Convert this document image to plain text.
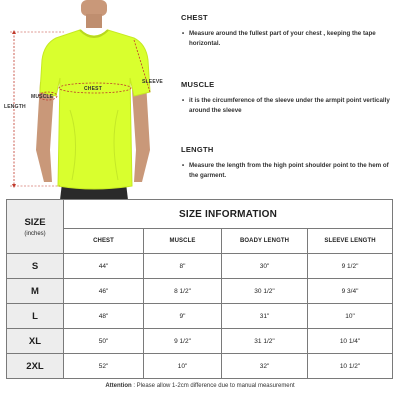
LENGTH
SLEEVE
MUSCLE
CHEST
CHEST
• Measure around the fullest part of your chest , keeping the tape horizontal.
MUSCLE
• it is the circumference of the sleeve under the armpit point vertically around the sleeve
LENGTH
• Measure the length from the high point shoulder point to the hem of the garment.
SIZE
(inches)	SIZE INFORMATION			
	CHEST	MUSCLE	BOADY LENGTH	SLEEVE LENGTH
S	44"	8"	30"	9 1/2"
M	46"	8 1/2"	30 1/2"	9 3/4"
L	48"	9"	31"	10"
XL	50"	9 1/2"	31 1/2"	10 1/4"
2XL	52"	10"	32"	10 1/2"
Attention : Please allow 1-2cm difference due to manual measurement
